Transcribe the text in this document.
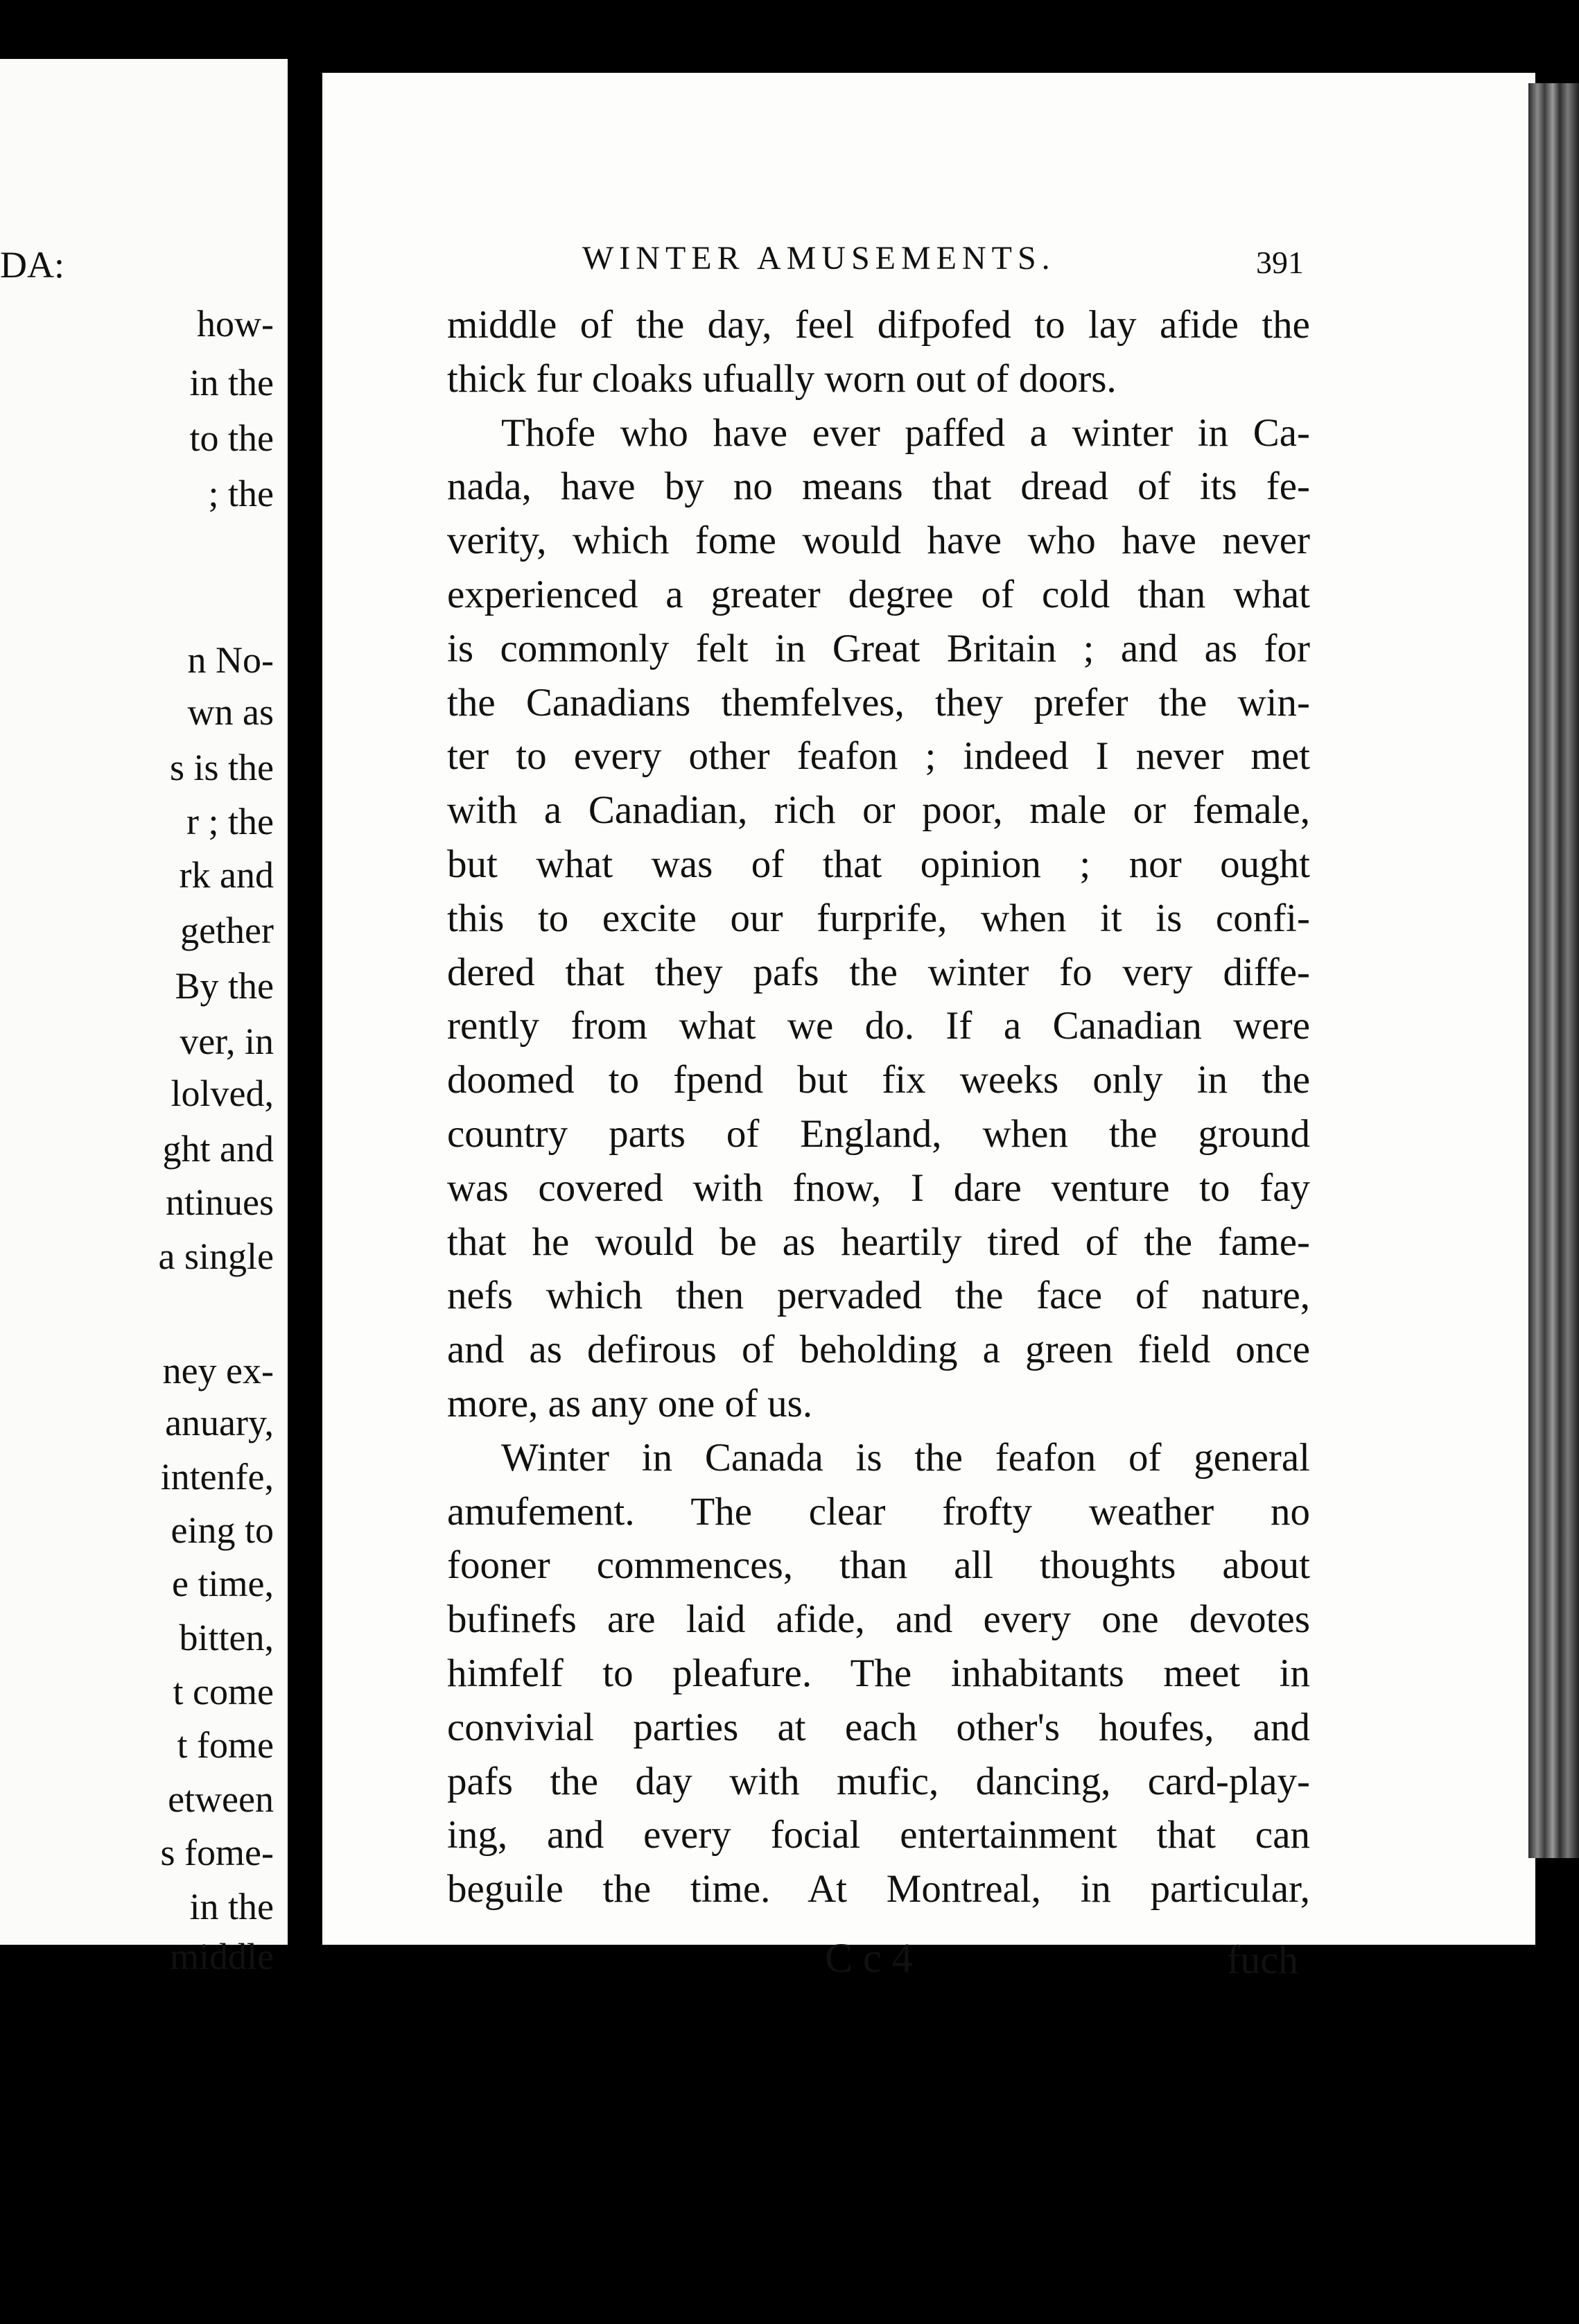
DA:
how-
in the
to the
; the
n No-
wn as
s is the
r ; the
rk and
gether
By the
ver, in
lolved,
ght and
ntinues
a single
ney ex-
anuary,
intenfe,
eing to
e time,
bitten,
t come
t fome
etween
s fome-
in the
middle
WINTER AMUSEMENTS.	391
middle of the day, feel difpofed to lay afide the
thick fur cloaks ufually worn out of doors.
Thofe who have ever paffed a winter in Ca-
nada, have by no means that dread of its fe-
verity, which fome would have who have never
experienced a greater degree of cold than what
is commonly felt in Great Britain ; and as for
the Canadians themfelves, they prefer the win-
ter to every other feafon ; indeed I never met
with a Canadian, rich or poor, male or female,
but what was of that opinion ; nor ought
this to excite our furprife, when it is confi-
dered that they pafs the winter fo very diffe-
rently from what we do. If a Canadian were
doomed to fpend but fix weeks only in the
country parts of England, when the ground
was covered with fnow, I dare venture to fay
that he would be as heartily tired of the fame-
nefs which then pervaded the face of nature,
and as defirous of beholding a green field once
more, as any one of us.
Winter in Canada is the feafon of general
amufement. The clear frofty weather no
fooner commences, than all thoughts about
bufinefs are laid afide, and every one devotes
himfelf to pleafure. The inhabitants meet in
convivial parties at each other's houfes, and
pafs the day with mufic, dancing, card-play-
ing, and every focial entertainment that can
beguile the time. At Montreal, in particular,
C c 4	fuch
